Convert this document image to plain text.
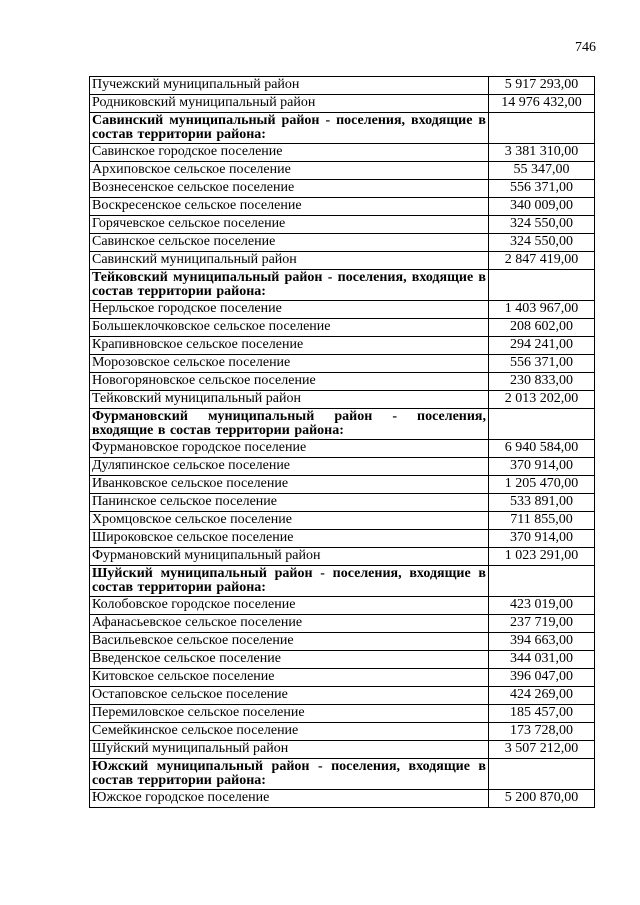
746
Пучежский муниципальный район	5 917 293,00
Родниковский муниципальный район	14 976 432,00
Савинский муниципальный район - поселения, входящие в состав территории района:	
Савинское городское поселение	3 381 310,00
Архиповское сельское поселение	55 347,00
Вознесенское сельское поселение	556 371,00
Воскресенское сельское поселение	340 009,00
Горячевское сельское поселение	324 550,00
Савинское сельское поселение	324 550,00
Савинский муниципальный район	2 847 419,00
Тейковский муниципальный район - поселения, входящие в состав территории района:	
Нерльское городское поселение	1 403 967,00
Большеклочковское сельское поселение	208 602,00
Крапивновское сельское поселение	294 241,00
Морозовское сельское поселение	556 371,00
Новогоряновское сельское поселение	230 833,00
Тейковский муниципальный район	2 013 202,00
Фурмановский муниципальный район - поселения, входящие в состав территории района:	
Фурмановское городское поселение	6 940 584,00
Дуляпинское сельское поселение	370 914,00
Иванковское сельское поселение	1 205 470,00
Панинское сельское поселение	533 891,00
Хромцовское сельское поселение	711 855,00
Широковское сельское поселение	370 914,00
Фурмановский муниципальный район	1 023 291,00
Шуйский муниципальный район - поселения, входящие в состав территории района:	
Колобовское городское поселение	423 019,00
Афанасьевское сельское поселение	237 719,00
Васильевское сельское поселение	394 663,00
Введенское сельское поселение	344 031,00
Китовское сельское поселение	396 047,00
Остаповское сельское поселение	424 269,00
Перемиловское сельское поселение	185 457,00
Семейкинское сельское поселение	173 728,00
Шуйский муниципальный район	3 507 212,00
Южский муниципальный район - поселения, входящие в состав территории района:	
Южское городское поселение	5 200 870,00
